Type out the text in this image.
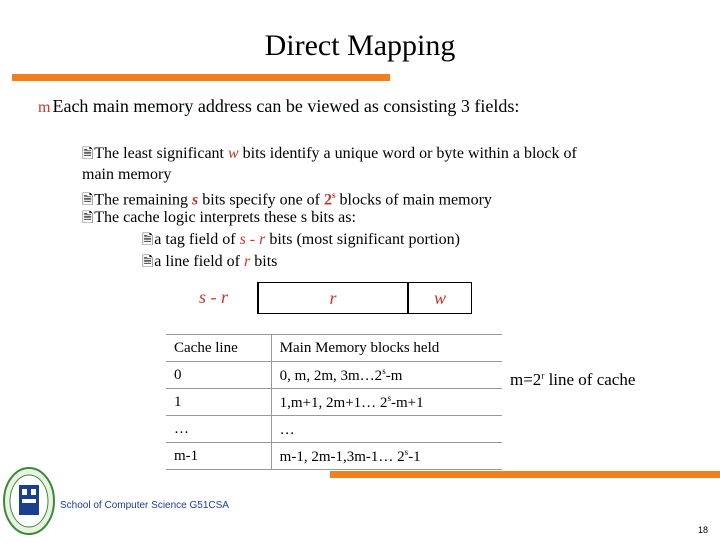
Direct Mapping
m Each main memory address can be viewed as consisting 3 fields:
🗎The least significant w bits identify a unique word or byte within a block of
main memory
🗎The remaining s bits specify one of 2$^s$ blocks of main memory
🗎The cache logic interprets these s bits as:
🗎a tag field of s - r bits (most significant portion)
🗎a line field of r bits
s - r	r	w
Cache line	Main Memory blocks held
0	0, m, 2m, 3m…2$^s$-m
1	1,m+1, 2m+1… $2^s-m+1$
…	…
m-1	m-1, 2m-1,3m-1… 2$^s$-1
$m=2^r$ line of cache
School of Computer Science G51CSA
18
